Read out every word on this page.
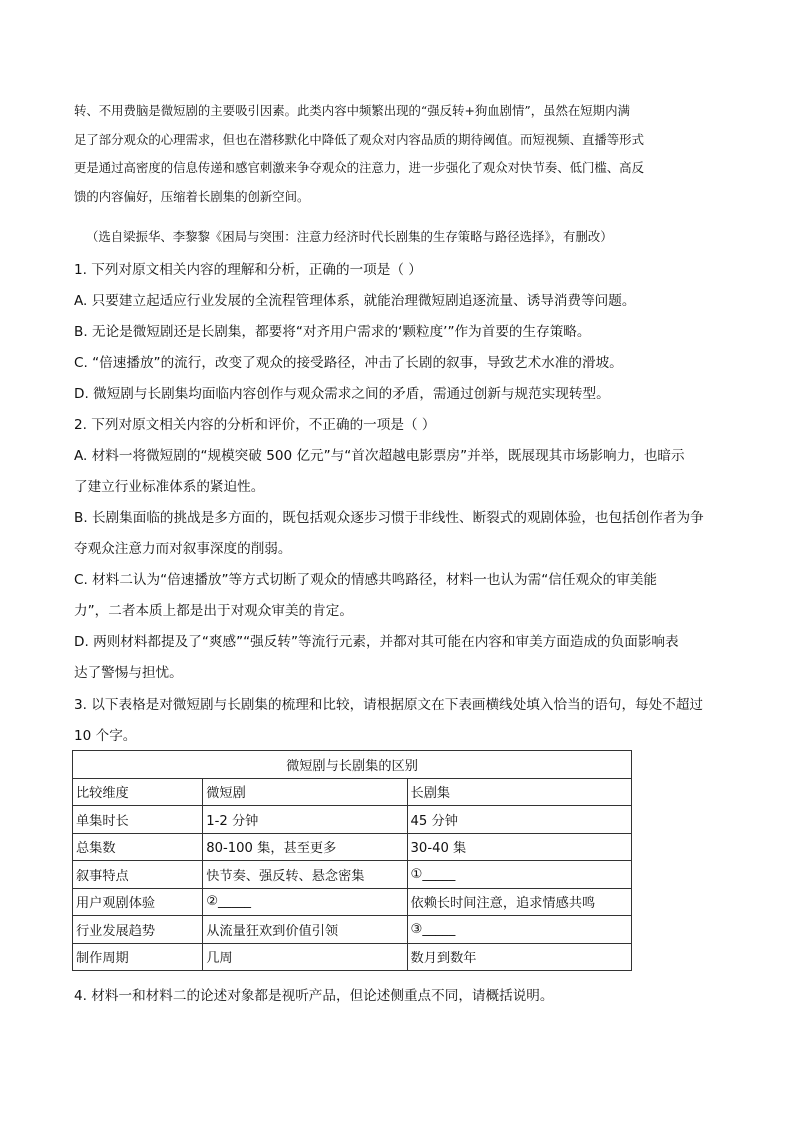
转、不用费脑是微短剧的主要吸引因素。此类内容中频繁出现的“强反转+狗血剧情”，虽然在短期内满
足了部分观众的心理需求，但也在潜移默化中降低了观众对内容品质的期待阈值。而短视频、直播等形式
更是通过高密度的信息传递和感官刺激来争夺观众的注意力，进一步强化了观众对快节奏、低门槛、高反
馈的内容偏好，压缩着长剧集的创新空间。
（选自梁振华、李黎黎《困局与突围：注意力经济时代长剧集的生存策略与路径选择》，有删改）
1. 下列对原文相关内容的理解和分析，正确的一项是（ ）
A. 只要建立起适应行业发展的全流程管理体系，就能治理微短剧追逐流量、诱导消费等问题。
B. 无论是微短剧还是长剧集，都要将“对齐用户需求的‘颗粒度’”作为首要的生存策略。
C. “倍速播放”的流行，改变了观众的接受路径，冲击了长剧的叙事，导致艺术水准的滑坡。
D. 微短剧与长剧集均面临内容创作与观众需求之间的矛盾，需通过创新与规范实现转型。
2. 下列对原文相关内容的分析和评价，不正确的一项是（ ）
A. 材料一将微短剧的“规模突破 500 亿元”与“首次超越电影票房”并举，既展现其市场影响力，也暗示
了建立行业标准体系的紧迫性。
B. 长剧集面临的挑战是多方面的，既包括观众逐步习惯于非线性、断裂式的观剧体验，也包括创作者为争
夺观众注意力而对叙事深度的削弱。
C. 材料二认为“倍速播放”等方式切断了观众的情感共鸣路径，材料一也认为需“信任观众的审美能
力”，二者本质上都是出于对观众审美的肯定。
D. 两则材料都提及了“爽感”“强反转”等流行元素，并都对其可能在内容和审美方面造成的负面影响表
达了警惕与担忧。
3. 以下表格是对微短剧与长剧集的梳理和比较，请根据原文在下表画横线处填入恰当的语句，每处不超过
10 个字。
微短剧与长剧集的区别		
比较维度	微短剧	长剧集
单集时长	1-2 分钟	45 分钟
总集数	80-100 集，甚至更多	30-40 集
叙事特点	快节奏、强反转、悬念密集	①_____
用户观剧体验	②_____	依赖长时间注意，追求情感共鸣
行业发展趋势	从流量狂欢到价值引领	③_____
制作周期	几周	数月到数年
4. 材料一和材料二的论述对象都是视听产品，但论述侧重点不同，请概括说明。
